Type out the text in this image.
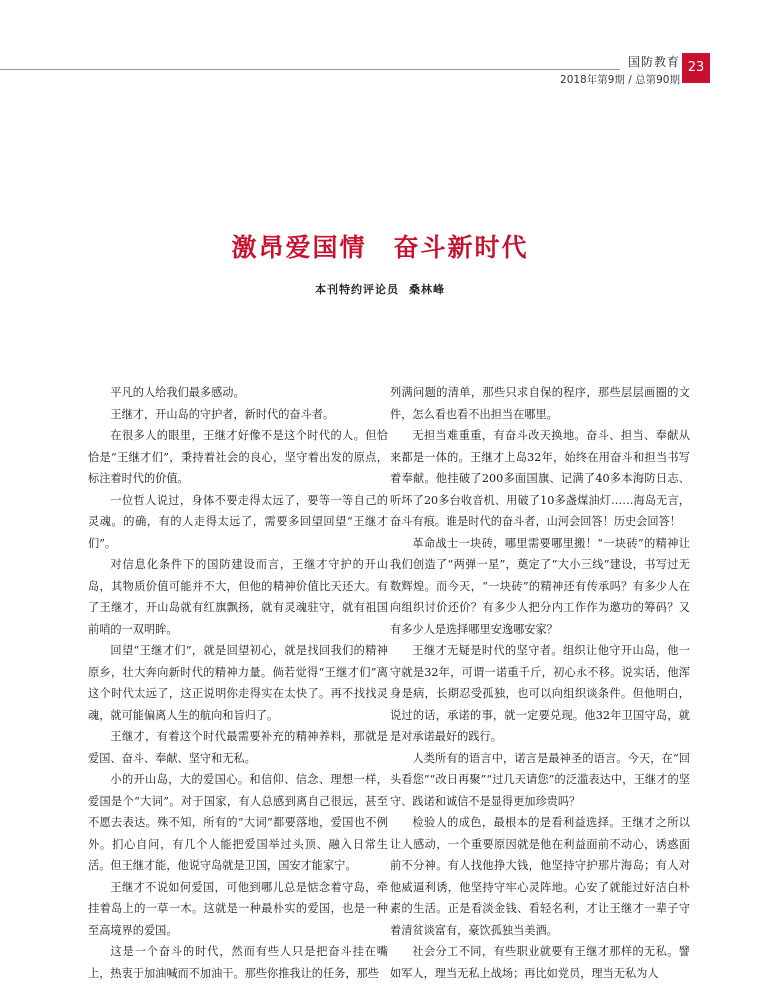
国防教育
2018年第9期 / 总第90期
23
激昂爱国情　奋斗新时代
本刊特约评论员 桑林峰

平凡的人给我们最多感动。

王继才，开山岛的守护者，新时代的奋斗者。

在很多人的眼里，王继才好像不是这个时代的人。但恰恰是“王继才们”，秉持着社会的良心，坚守着出发的原点，标注着时代的价值。

一位哲人说过，身体不要走得太远了，要等一等自己的灵魂。的确，有的人走得太远了，需要多回望回望“王继才们”。

对信息化条件下的国防建设而言，王继才守护的开山岛，其物质价值可能并不大，但他的精神价值比天还大。有了王继才，开山岛就有红旗飘扬，就有灵魂驻守，就有祖国前哨的一双明眸。

回望“王继才们”，就是回望初心，就是找回我们的精神原乡，壮大奔向新时代的精神力量。倘若觉得“王继才们”离这个时代太远了，这正说明你走得实在太快了。再不找找灵魂，就可能偏离人生的航向和旨归了。

王继才，有着这个时代最需要补充的精神养料，那就是爱国、奋斗、奉献、坚守和无私。

小的开山岛，大的爱国心。和信仰、信念、理想一样，爱国是个“大词”。对于国家，有人总感到离自己很远，甚至不愿去表达。殊不知，所有的“大词”都要落地，爱国也不例外。扪心自问，有几个人能把爱国举过头顶、融入日常生活。但王继才能，他说守岛就是卫国，国安才能家宁。

王继才不说如何爱国，可他到哪儿总是惦念着守岛，牵挂着岛上的一草一木。这就是一种最朴实的爱国，也是一种至高境界的爱国。

这是一个奋斗的时代，然而有些人只是把奋斗挂在嘴上，热衷于加油喊而不加油干。那些你推我让的任务，那些

列满问题的清单，那些只求自保的程序，那些层层画圈的文件，怎么看也看不出担当在哪里。

无担当难重重，有奋斗改天换地。奋斗、担当、奉献从来都是一体的。王继才上岛32年，始终在用奋斗和担当书写着奉献。他挂破了200多面国旗、记满了40多本海防日志、听坏了20多台收音机、用破了10多盏煤油灯……海岛无言，奋斗有痕。谁是时代的奋斗者，山河会回答！历史会回答！

革命战士一块砖，哪里需要哪里搬！“一块砖”的精神让我们创造了“两弹一星”，奠定了“大小三线”建设，书写过无数辉煌。而今天，“一块砖”的精神还有传承吗？有多少人在向组织讨价还价？有多少人把分内工作作为邀功的筹码？又有多少人是选择哪里安逸哪安家？

王继才无疑是时代的坚守者。组织让他守开山岛，他一守就是32年，可谓一诺重千斤，初心永不移。说实话，他浑身是病，长期忍受孤独，也可以向组织谈条件。但他明白，说过的话，承诺的事，就一定要兑现。他32年卫国守岛，就是对承诺最好的践行。

人类所有的语言中，诺言是最神圣的语言。今天，在“回头看您”“改日再聚”“过几天请您”的泛滥表达中，王继才的坚守、践诺和诚信不是显得更加珍贵吗？

检验人的成色，最根本的是看利益选择。王继才之所以让人感动，一个重要原因就是他在利益面前不动心，诱惑面前不分神。有人找他挣大钱，他坚持守护那片海岛；有人对他威逼利诱，他坚持守牢心灵阵地。心安了就能过好洁白朴素的生活。正是看淡金钱、看轻名利，才让王继才一辈子守着清贫谈富有，豪饮孤独当美酒。

社会分工不同，有些职业就要有王继才那样的无私。譬如军人，理当无私上战场；再比如党员，理当无私为人
